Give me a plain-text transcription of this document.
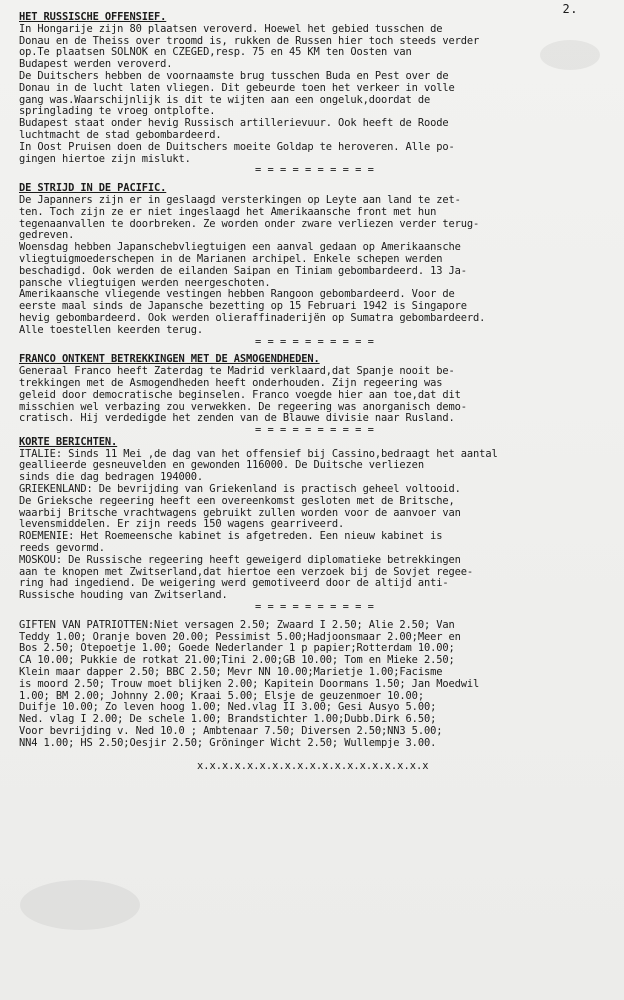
2.
HET RUSSISCHE OFFENSIEF.
In Hongarije zijn 80 plaatsen veroverd. Hoewel het gebied tusschen de
Donau en de Theiss over troomd is, rukken de Russen hier toch steeds verder
op.Te plaatsen SOLNOK en CZEGED,resp. 75 en 45 KM ten Oosten van
Budapest werden veroverd.
De Duitschers hebben de voornaamste brug tusschen Buda en Pest over de
Donau in de lucht laten vliegen. Dit gebeurde toen het verkeer in volle
gang was.Waarschijnlijk is dit te wijten aan een ongeluk,doordat de
springlading te vroeg ontplofte.
Budapest staat onder hevig Russisch artillerievuur. Ook heeft de Roode
luchtmacht de stad gebombardeerd.
In Oost Pruisen doen de Duitschers moeite Goldap te heroveren. Alle po-
gingen hiertoe zijn mislukt.
= = = = = = = = = =
DE STRIJD IN DE PACIFIC.
De Japanners zijn er in geslaagd versterkingen op Leyte aan land te zet-
ten. Toch zijn ze er niet ingeslaagd het Amerikaansche front met hun
tegenaanvallen te doorbreken. Ze worden onder zware verliezen verder terug-
gedreven.
Woensdag hebben Japanschebvliegtuigen een aanval gedaan op Amerikaansche
vliegtuigmoederschepen in de Marianen archipel. Enkele schepen werden
beschadigd. Ook werden de eilanden Saipan en Tiniam gebombardeerd. 13 Ja-
pansche vliegtuigen werden neergeschoten.
Amerikaansche vliegende vestingen hebben Rangoon gebombardeerd. Voor de
eerste maal sinds de Japansche bezetting op 15 Februari 1942 is Singapore
hevig gebombardeerd. Ook werden olieraffinaderijën op Sumatra gebombardeerd.
Alle toestellen keerden terug.
= = = = = = = = = =
FRANCO ONTKENT BETREKKINGEN MET DE ASMOGENDHEDEN.
Generaal Franco heeft Zaterdag te Madrid verklaard,dat Spanje nooit be-
trekkingen met de Asmogendheden heeft onderhouden. Zijn regeering was
geleid door democratische beginselen. Franco voegde hier aan toe,dat dit
misschien wel verbazing zou verwekken. De regeering was anorganisch demo-
cratisch. Hij verdedigde het zenden van de Blauwe divisie naar Rusland.
= = = = = = = = = =
KORTE BERICHTEN.
ITALIE: Sinds 11 Mei ,de dag van het offensief bij Cassino,bedraagt het aantal
geallieerde gesneuvelden en gewonden 116000. De Duitsche verliezen
sinds die dag bedragen 194000.
GRIEKENLAND: De bevrijding van Griekenland is practisch geheel voltooid.
De Grieksche regeering heeft een overeenkomst gesloten met de Britsche,
waarbij Britsche vrachtwagens gebruikt zullen worden voor de aanvoer van
levensmiddelen. Er zijn reeds 150 wagens gearriveerd.
ROEMENIE: Het Roemeensche kabinet is afgetreden. Een nieuw kabinet is
reeds gevormd.
MOSKOU: De Russische regeering heeft geweigerd diplomatieke betrekkingen
aan te knopen met Zwitserland,dat hiertoe een verzoek bij de Sovjet regee-
ring had ingediend. De weigering werd gemotiveerd door de altijd anti-
Russische houding van Zwitserland.
= = = = = = = = = =
GIFTEN VAN PATRIOTTEN:Niet versagen 2.50; Zwaard I 2.50; Alie 2.50; Van
Teddy 1.00; Oranje boven 20.00; Pessimist 5.00;Hadjoonsmaar 2.00;Meer en
Bos 2.50; Otepoetje 1.00; Goede Nederlander 1 p papier;Rotterdam 10.00;
CA 10.00; Pukkie de rotkat 21.00;Tini 2.00;GB 10.00; Tom en Mieke 2.50;
Klein maar dapper 2.50; BBC 2.50; Mevr NN 10.00;Marietje 1.00;Facisme
is moord 2.50; Trouw moet blijken 2.00; Kapitein Doormans 1.50; Jan Moedwil
1.00; BM 2.00; Johnny 2.00; Kraai 5.00; Elsje de geuzenmoer 10.00;
Duifje 10.00; Zo leven hoog 1.00; Ned.vlag II 3.00; Gesi Ausyo 5.00;
Ned. vlag I 2.00; De schele 1.00; Brandstichter 1.00;Dubb.Dirk 6.50;
Voor bevrijding v. Ned 10.0 ; Ambtenaar 7.50; Diversen 2.50;NN3 5.00;
NN4 1.00; HS 2.50;Oesjir 2.50; Gröninger Wicht 2.50; Wullempje 3.00.
x.x.x.x.x.x.x.x.x.x.x.x.x.x.x.x.x.x.x
